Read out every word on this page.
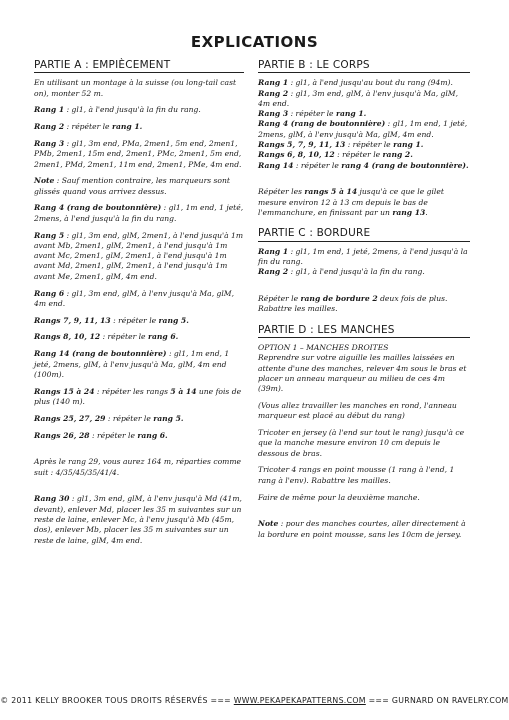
EXPLICATIONS
PARTIE A : EMPIÈCEMENT

En utilisant un montage à la suisse (ou long-tail cast on), monter 52 m.

Rang 1 : gl1, à l'end jusqu'à la fin du rang.

Rang 2 : répéter le rang 1.

Rang 3 : gl1, 3m end, PMa, 2men1, 5m end, 2men1, PMb, 2men1, 15m end, 2men1, PMc, 2men1, 5m end, 2men1, PMd, 2men1, 11m end, 2men1, PMe, 4m end.

Note : Sauf mention contraire, les marqueurs sont glissés quand vous arrivez dessus.

Rang 4 (rang de boutonnière) : gl1, 1m end, 1 jeté, 2mens, à l'end jusqu'à la fin du rang.

Rang 5 : gl1, 3m end, glM, 2men1, à l'end jusqu'à 1m avant Mb, 2men1, glM, 2men1, à l'end jusqu'à 1m avant Mc, 2men1, glM, 2men1, à l'end jusqu'à 1m avant Md, 2men1, glM, 2men1, à l'end jusqu'à 1m avant Me, 2men1, glM, 4m end.

Rang 6 : gl1, 3m end, glM, à l'env jusqu'à Ma, glM, 4m end.

Rangs 7, 9, 11, 13 : répéter le rang 5.

Rangs 8, 10, 12 : répéter le rang 6.

Rang 14 (rang de boutonnière) : gl1, 1m end, 1 jeté, 2mens, glM, à l'env jusqu'à Ma, glM, 4m end (100m).

Rangs 15 à 24 : répéter les rangs 5 à 14 une fois de plus (140 m).

Rangs 25, 27, 29 : répéter le rang 5.

Rangs 26, 28 : répéter le rang 6.

Après le rang 29, vous aurez 164 m, réparties comme suit : 4/35/45/35/41/4.

Rang 30 : gl1, 3m end, glM, à l'env jusqu'à Md (41m, devant), enlever Md, placer les 35 m suivantes sur un reste de laine, enlever Mc, à l'env jusqu'à Mb (45m, dos), enlever Mb, placer les 35 m suivantes sur un reste de laine, glM, 4m end.

PARTIE B : LE CORPS

Rang 1 : gl1, à l'end jusqu'au bout du rang (94m).

Rang 2 : gl1, 3m end, glM, à l'env jusqu'à Ma, glM, 4m end.

Rang 3 : répéter le rang 1.

Rang 4 (rang de boutonnière) : gl1, 1m end, 1 jeté, 2mens, glM, à l'env jusqu'à Ma, glM, 4m end.

Rangs 5, 7, 9, 11, 13 : répéter le rang 1.

Rangs 6, 8, 10, 12 : répéter le rang 2.

Rang 14 : répéter le rang 4 (rang de boutonnière).

Répéter les rangs 5 à 14 jusqu'à ce que le gilet mesure environ 12 à 13 cm depuis le bas de l'emmanchure, en finissant par un rang 13.

PARTIE C : BORDURE

Rang 1 : gl1, 1m end, 1 jeté, 2mens, à l'end jusqu'à la fin du rang.

Rang 2 : gl1, à l'end jusqu'à la fin du rang.

Répéter le rang de bordure 2 deux fois de plus. Rabattre les mailles.

PARTIE D : LES MANCHES

OPTION 1 – MANCHES DROITES

Reprendre sur votre aiguille les mailles laissées en attente d'une des manches, relever 4m sous le bras et placer un anneau marqueur au milieu de ces 4m (39m).

(Vous allez travailler les manches en rond, l'anneau marqueur est placé au début du rang)

Tricoter en jersey (à l'end sur tout le rang) jusqu'à ce que la manche mesure environ 10 cm depuis le dessous de bras.

Tricoter 4 rangs en point mousse (1 rang à l'end, 1 rang à l'env). Rabattre les mailles.

Faire de même pour la deuxième manche.

Note : pour des manches courtes, aller directement à la bordure en point mousse, sans les 10cm de jersey.

© 2011 KELLY BROOKER TOUS DROITS RÉSERVÉS === WWW.PEKAPEKAPATTERNS.COM === GURNARD ON RAVELRY.COM
